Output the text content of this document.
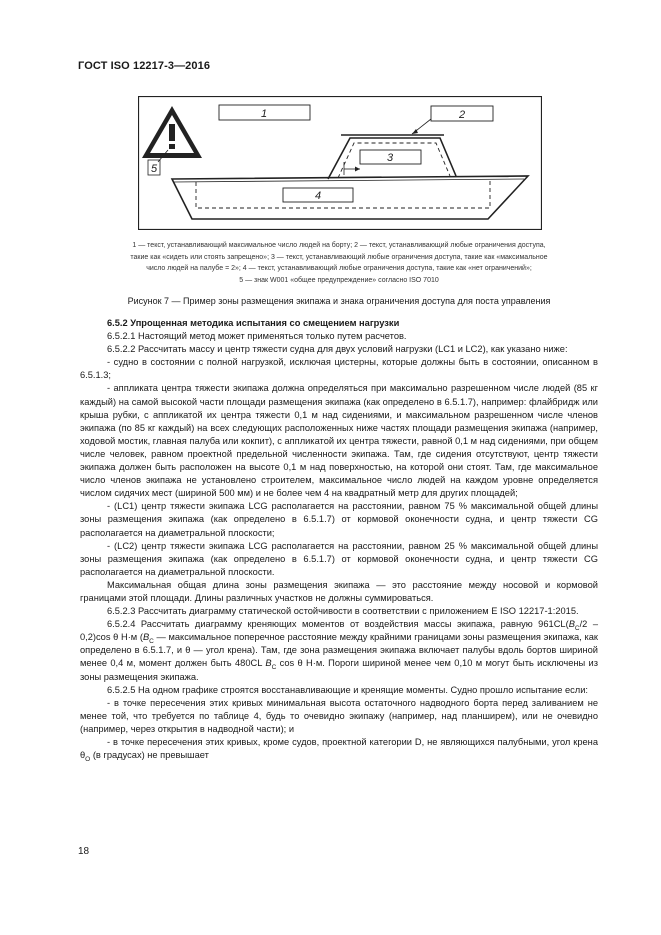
ГОСТ ISO 12217-3—2016
5
1	2
3
4

1 — текст, устанавливающий максимальное число людей на борту; 2 — текст, устанавливающий любые ограничения доступа,

такие как «сидеть или стоять запрещено»; 3 — текст, устанавливающий любые ограничения доступа, такие как «максимальное

число людей на палубе = 2»; 4 — текст, устанавливающий любые ограничения доступа, такие как «нет ограничений»;

5 — знак W001 «общее предупреждение» согласно ISO 7010

Рисунок 7 — Пример зоны размещения экипажа и знака ограничения доступа для поста управления

6.5.2 Упрощенная методика испытания со смещением нагрузки

6.5.2.1 Настоящий метод может применяться только путем расчетов.

6.5.2.2 Рассчитать массу и центр тяжести судна для двух условий нагрузки (LC1 и LC2), как указано ниже:

- судно в состоянии с полной нагрузкой, исключая цистерны, которые должны быть в состоянии, описанном в 6.5.1.3;

- аппликата центра тяжести экипажа должна определяться при максимально разрешенном числе людей (85 кг каждый) на самой высокой части площади размещения экипажа (как определено в 6.5.1.7), например: флайбридж или крыша рубки, с аппликатой их центра тяжести 0,1 м над сидениями, и максимальном разрешенном числе членов экипажа (по 85 кг каждый) на всех следующих расположенных ниже частях площади размещения экипажа (например, ходовой мостик, главная палуба или кокпит), с аппликатой их центра тяжести, равной 0,1 м над сидениями, при общем числе человек, равном проектной предельной численности экипажа. Там, где сидения отсутствуют, центр тяжести экипажа должен быть расположен на высоте 0,1 м над поверхностью, на которой они стоят. Там, где максимальное число членов экипажа не установлено строителем, максимальное число людей на каждом уровне определяется числом сидячих мест (шириной 500 мм) и не более чем 4 на квадратный метр для других площадей;

- (LC1) центр тяжести экипажа LCG располагается на расстоянии, равном 75 % максимальной общей длины зоны размещения экипажа (как определено в 6.5.1.7) от кормовой оконечности судна, и центр тяжести CG располагается на диаметральной плоскости;

- (LC2) центр тяжести экипажа LCG располагается на расстоянии, равном 25 % максимальной общей длины зоны размещения экипажа (как определено в 6.5.1.7) от кормовой оконечности судна, и центр тяжести CG располагается на диаметральной плоскости.

Максимальная общая длина зоны размещения экипажа — это расстояние между носовой и кормовой границами этой площади. Длины различных участков не должны суммироваться.

6.5.2.3 Рассчитать диаграмму статической остойчивости в соответствии с приложением E ISO 12217-1:2015.

6.5.2.4 Рассчитать диаграмму креняющих моментов от воздействия массы экипажа, равную $961CL(B_C/2 - 0,2)\cos$ θ Н·м ($B_C$ — максимальное поперечное расстояние между крайними границами зоны размещения экипажа, как определено в 6.5.1.7, и θ — угол крена). Там, где зона размещения экипажа включает палубы вдоль бортов шириной менее 0,4 м, момент должен быть 480CL $B_C$ cos θ Н·м. Пороги шириной менее чем 0,10 м могут быть исключены из зоны размещения экипажа.

6.5.2.5 На одном графике строятся восстанавливающие и кренящие моменты. Судно прошло испытание если:

- в точке пересечения этих кривых минимальная высота остаточного надводного борта перед заливанием не менее той, что требуется по таблице 4, будь то очевидно экипажу (например, над планширем), или не очевидно (например, через открытия в надводной части); и

- в точке пересечения этих кривых, кроме судов, проектной категории D, не являющихся палубными, угол крена $\theta_O$ (в градусах) не превышает

18
